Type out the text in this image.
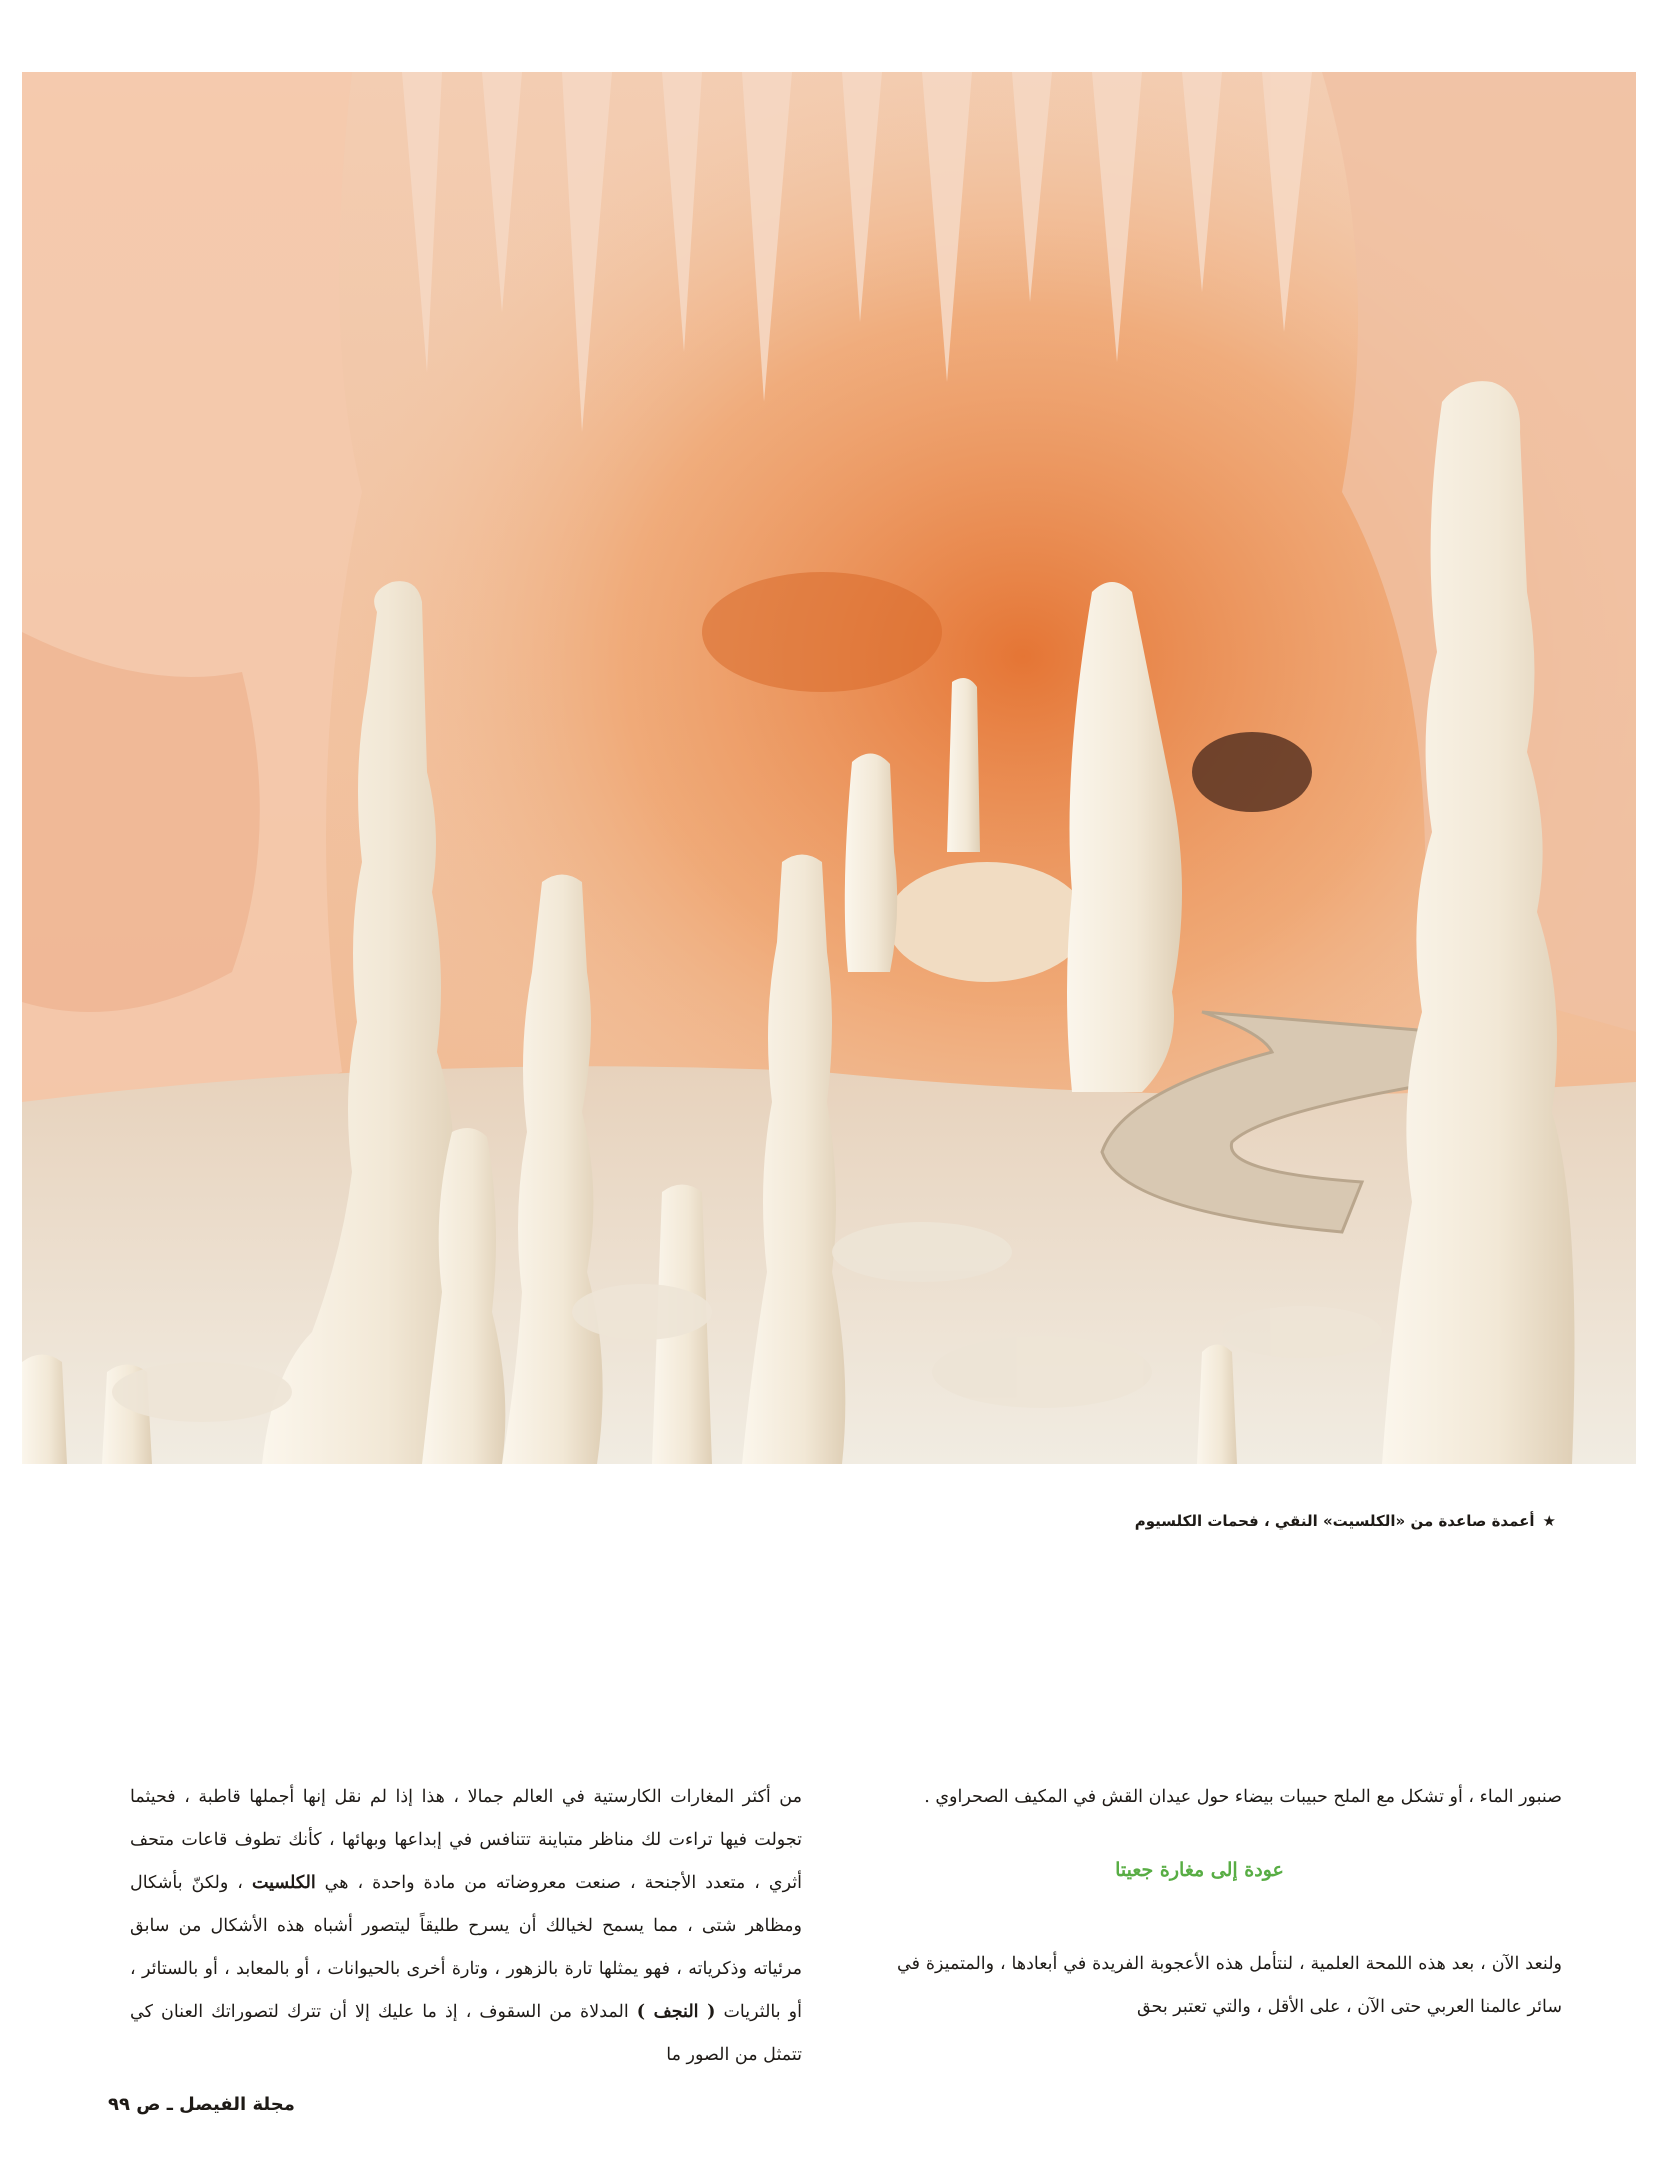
★أعمدة صاعدة من «الكلسيت» النقي ، فحمات الكلسيوم

صنبور الماء ، أو تشكل مع الملح حبيبات بيضاء حول عيدان القش في المكيف الصحراوي .

عودة إلى مغارة جعيتا

ولنعد الآن ، بعد هذه اللمحة العلمية ، لنتأمل هذه الأعجوبة الفريدة في أبعادها ، والمتميزة في سائر عالمنا العربي حتى الآن ، على الأقل ، والتي تعتبر بحق

من أكثر المغارات الكارستية في العالم جمالا ، هذا إذا لم نقل إنها أجملها قاطبة ، فحيثما تجولت فيها تراءت لك مناظر متباينة تتنافس في إبداعها وبهائها ، كأنك تطوف قاعات متحف أثري ، متعدد الأجنحة ، صنعت معروضاته من مادة واحدة ، هي الكلسيت ، ولكنّ بأشكال ومظاهر شتى ، مما يسمح لخيالك أن يسرح طليقاً ليتصور أشباه هذه الأشكال من سابق مرئياته وذكرياته ، فهو يمثلها تارة بالزهور ، وتارة أخرى بالحيوانات ، أو بالمعابد ، أو بالستائر ، أو بالثريات ( النجف ) المدلاة من السقوف ، إذ ما عليك إلا أن تترك لتصوراتك العنان كي تتمثل من الصور ما

مجلة الفيصل ـ ص ٩٩
